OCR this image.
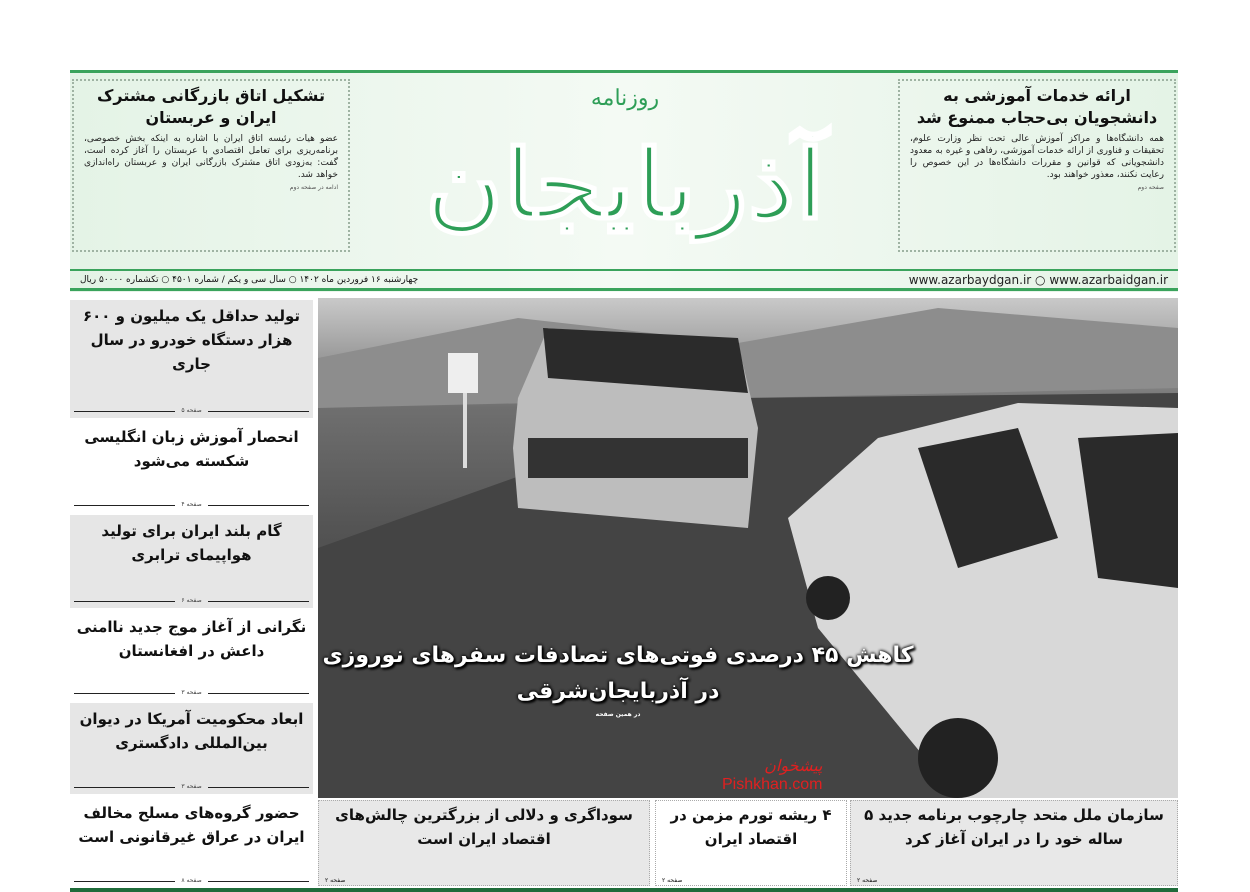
ارائه خدمات آموزشی به دانشجویان بی‌حجاب ممنوع شد

همه دانشگاه‌ها و مراکز آموزش عالی تحت نظر وزارت علوم، تحقیقات و فناوری از ارائه خدمات آموزشی، رفاهی و غیره به معدود دانشجویانی که قوانین و مقررات دانشگاه‌ها در این خصوص را رعایت نکنند، معذور خواهند بود.

صفحه دوم
تشکیل اتاق بازرگانی مشترک ایران و عربستان

عضو هیات رئیسه اتاق ایران با اشاره به اینکه بخش خصوصی، برنامه‌ریزی برای تعامل اقتصادی با عربستان را آغاز کرده است، گفت: به‌زودی اتاق مشترک بازرگانی ایران و عربستان راه‌اندازی خواهد شد.

ادامه در صفحه دوم
روزنامه
آذربایجان
چهارشنبه ۱۶ فروردین ماه ۱۴۰۲ ○ سال سی و یکم / شماره ۴۵۰۱ ○ تکشماره ۵۰۰۰۰ ریال	www.azarbaydgan.ir ○ www.azarbaidgan.ir
تولید حداقل یک میلیون و ۶۰۰ هزار دستگاه خودرو در سال جاری
صفحه ۵
انحصار آموزش زبان انگلیسی شکسته می‌شود
صفحه ۴
گام بلند ایران برای تولید هواپیمای ترابری
صفحه ۶
نگرانی از آغاز موج جدید ناامنی داعش در افغانستان
صفحه ۳
ابعاد محکومیت آمریکا در دیوان بین‌المللی دادگستری
صفحه ۳
حضور گروه‌های مسلح مخالف ایران در عراق غیرقانونی است
صفحه ۸
کاهش ۴۵ درصدی فوتی‌های تصادفات سفرهای نوروزی در آذربایجان‌شرقی
در همین صفحه
سازمان ملل متحد چارچوب برنامه جدید ۵ ساله خود را در ایران آغاز کرد
صفحه ۲
۴ ریشه تورم مزمن در اقتصاد ایران
صفحه ۲
سوداگری و دلالی از بزرگترین چالش‌های اقتصاد ایران است
صفحه ۲
پیشخوان
Pishkhan.com
